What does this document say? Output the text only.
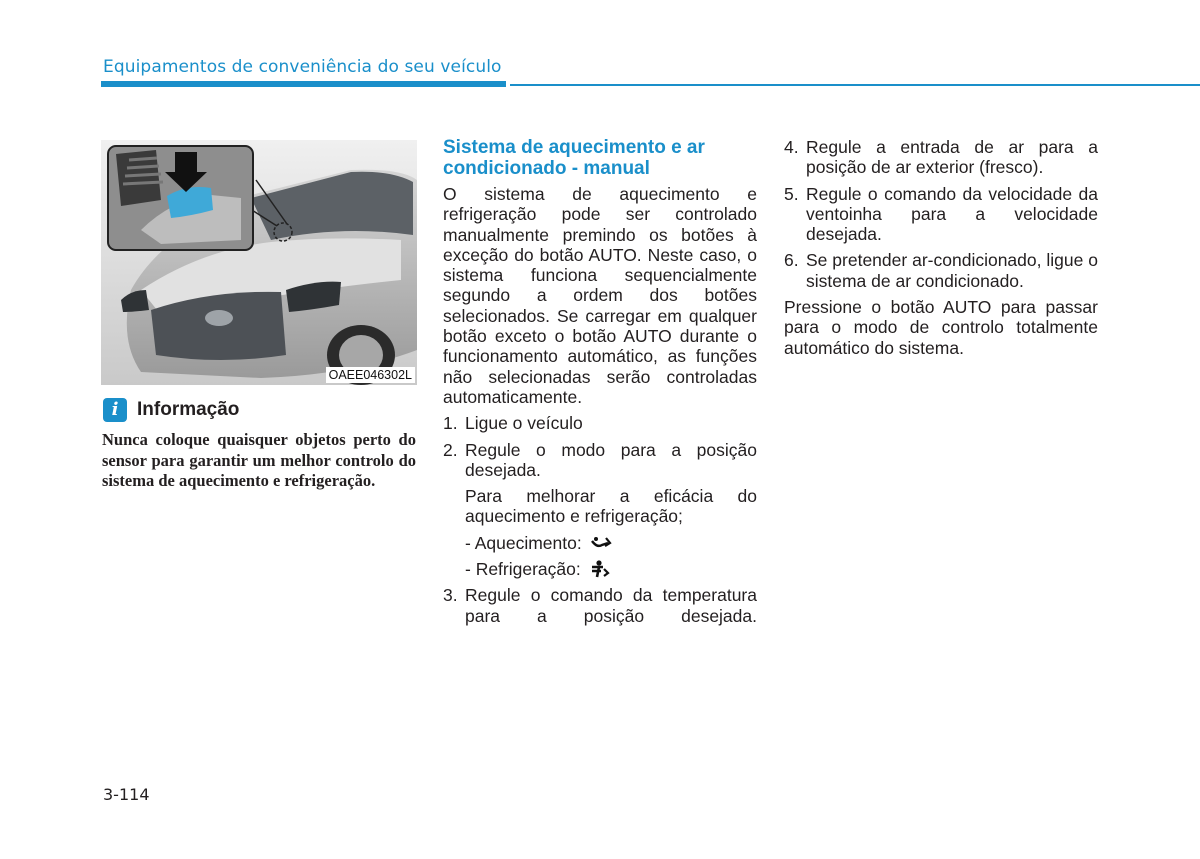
Equipamentos de conveniência do seu veículo
OAEE046302L
i Informação
Nunca coloque quaisquer objetos perto do sensor para garantir um melhor controlo do sistema de aquecimento e refrigeração.
Sistema de aquecimento e ar condicionado - manual

O sistema de aquecimento e refrigeração pode ser controlado manualmente premindo os botões à exceção do botão AUTO. Neste caso, o sistema funciona sequencialmente segundo a ordem dos botões selecionados. Se carregar em qualquer botão exceto o botão AUTO durante o funcionamento automático, as funções não selecionadas serão controladas automaticamente.

1. Ligue o veículo
2. Regule o modo para a posição desejada.
Para melhorar a eficácia do aquecimento e refrigeração;
- Aquecimento:
- Refrigeração:
3. Regule o comando da temperatura para a posição desejada.
4. Regule a entrada de ar para a posição de ar exterior (fresco).
5. Regule o comando da velocidade da ventoinha para a velocidade desejada.
6. Se pretender ar-condicionado, ligue o sistema de ar condicionado.

Pressione o botão AUTO para passar para o modo de controlo totalmente automático do sistema.

3-114
